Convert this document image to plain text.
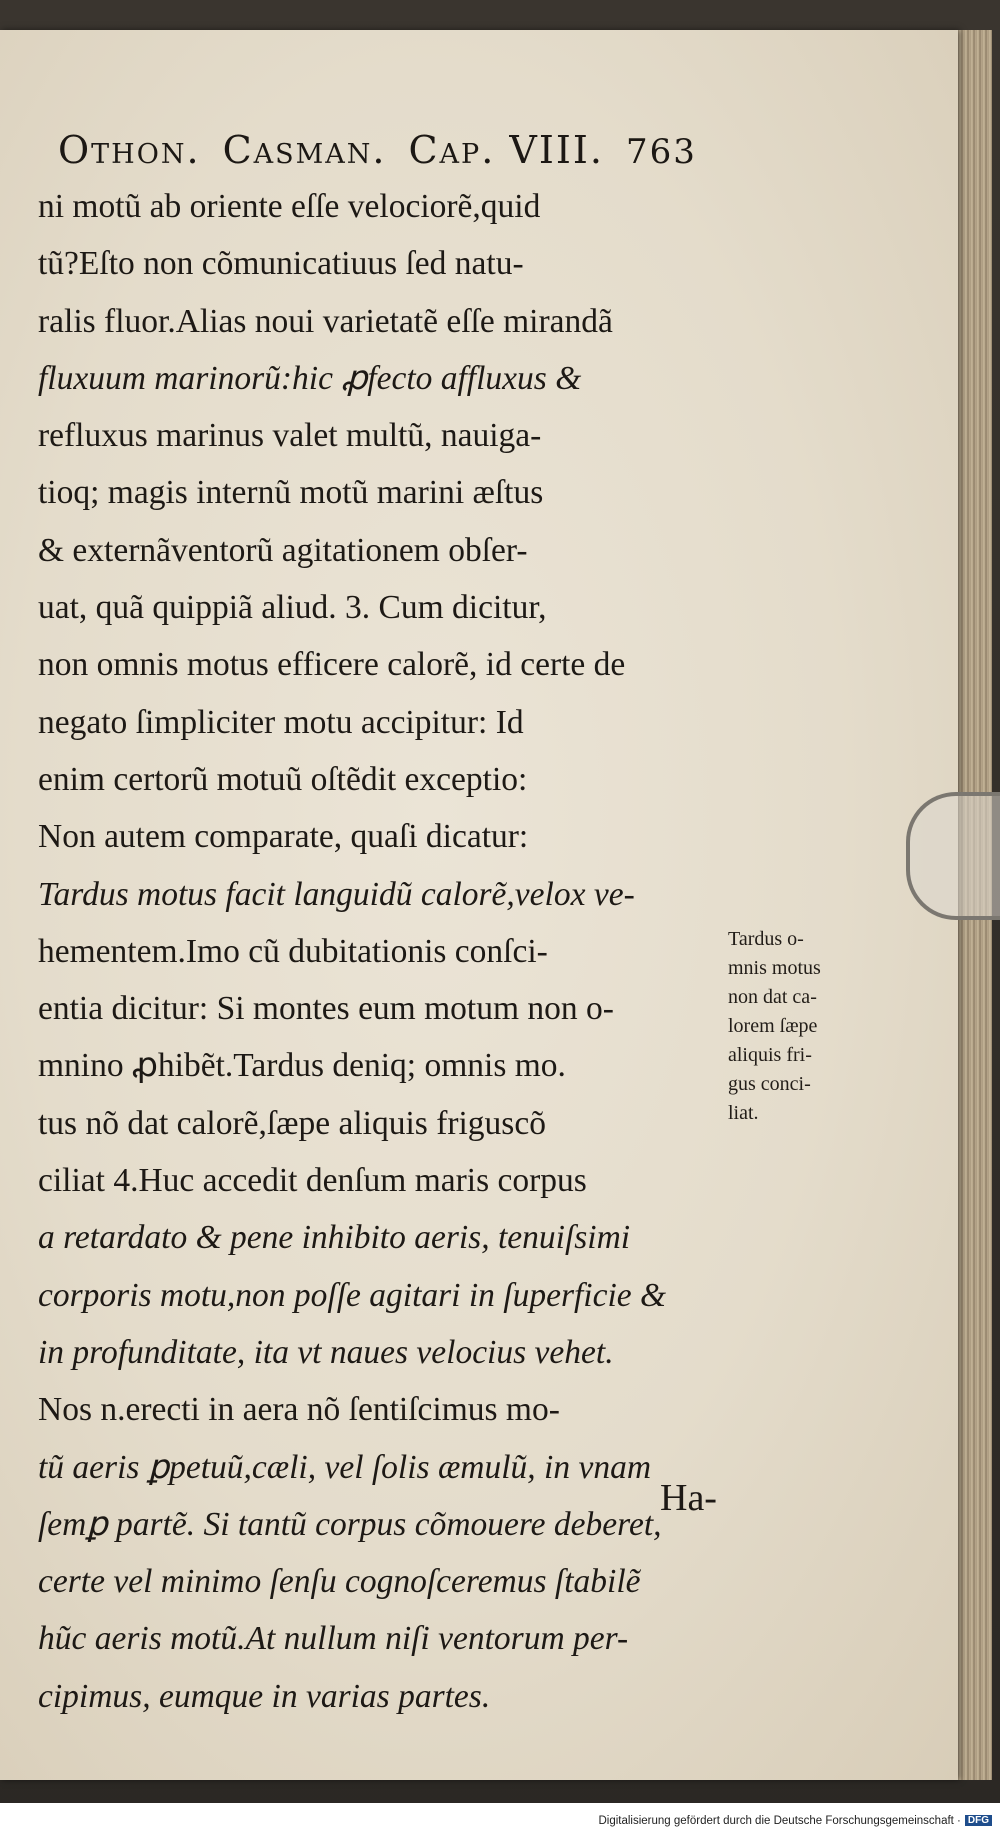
Othon. Casman. Cap. VIII. 763
ni motũ ab oriente eſſe velociorẽ,quid
tũ?Eſto non cõmunicatiuus ſed natu-
ralis fluor.Alias noui varietatẽ eſſe mirandã
fluxuum marinorũ:hic ꝓfecto affluxus &
refluxus marinus valet multũ, nauiga-
tioq; magis internũ motũ marini æſtus
& externãventorũ agitationem obſer-
uat, quã quippiã aliud. 3. Cum dicitur,
non omnis motus efficere calorẽ, id certe de
negato ſimpliciter motu accipitur: Id
enim certorũ motuũ oſtẽdit exceptio:
Non autem comparate, quaſi dicatur:
Tardus motus facit languidũ calorẽ,velox ve-
hementem.Imo cũ dubitationis conſci-
entia dicitur: Si montes eum motum non o-
mnino ꝓhibẽt.Tardus deniq; omnis mo.
tus nõ dat calorẽ,ſæpe aliquis friguscõ
ciliat 4.Huc accedit denſum maris corpus
a retardato & pene inhibito aeris, tenuiſsimi
corporis motu,non poſſe agitari in ſuperficie &
in profunditate, ita vt naues velocius vehet.
Nos n.erecti in aera nõ ſentiſcimus mo-
tũ aeris ꝑpetuũ,cæli, vel ſolis æmulũ, in vnam
ſemꝑ partẽ. Si tantũ corpus cõmouere deberet,
certe vel minimo ſenſu cognoſceremus ſtabilẽ
hũc aeris motũ.At nullum niſi ventorum per-
cipimus, eumque in varias partes.
Ha-
Tardus o-
mnis motus
non dat ca-
lorem ſæpe
aliquis fri-
gus conci-
liat.
Digitalisierung gefördert durch die Deutsche Forschungsgemeinschaft · DFG
